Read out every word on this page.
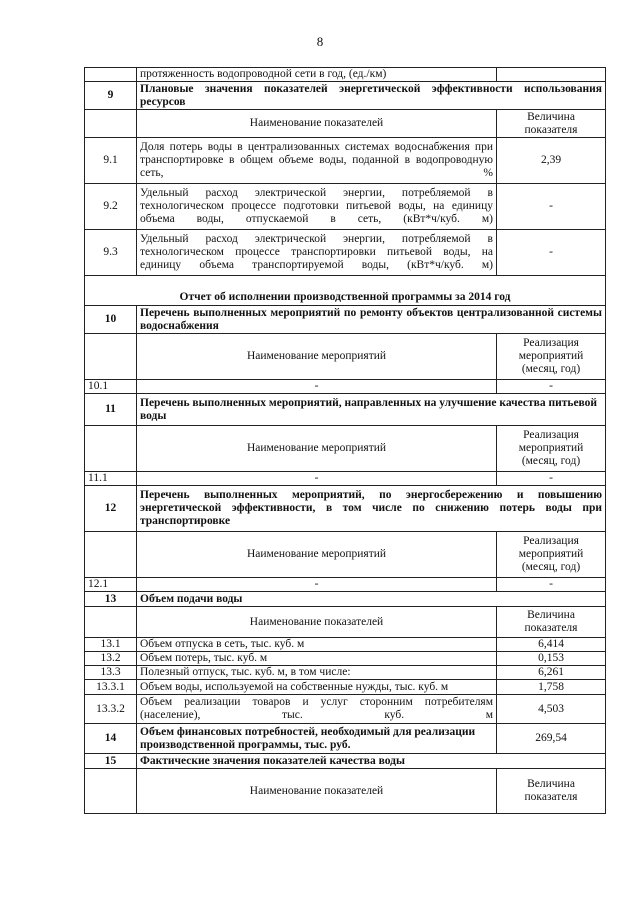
8
	протяженность водопроводной сети в год, (ед./км)	
9	Плановые значения показателей энергетической эффективности использования ресурсов	
	Наименование показателей	Величина показателя
9.1	Доля потерь воды в централизованных системах водоснабжения при транспортировке в общем объеме воды, поданной в водопроводную сеть, %	2,39
9.2	Удельный расход электрической энергии, потребляемой в технологическом процессе подготовки питьевой воды, на единицу объема воды, отпускаемой в сеть, (кВт*ч/куб. м)	-
9.3	Удельный расход электрической энергии, потребляемой в технологическом процессе транспортировки питьевой воды, на единицу объема транспортируемой воды, (кВт*ч/куб. м)	-
Отчет об исполнении производственной программы за 2014 год		
10	Перечень выполненных мероприятий по ремонту объектов централизованной системы водоснабжения	
	Наименование мероприятий	Реализация мероприятий (месяц, год)
10.1	-	-
11	Перечень выполненных мероприятий, направленных на улучшение качества питьевой воды	
	Наименование мероприятий	Реализация мероприятий (месяц, год)
11.1	-	-
12	Перечень выполненных мероприятий, по энергосбережению и повышению энергетической эффективности, в том числе по снижению потерь воды при транспортировке	
	Наименование мероприятий	Реализация мероприятий (месяц, год)
12.1	-	-
13	Объем подачи воды	
	Наименование показателей	Величина показателя
13.1	Объем отпуска в сеть, тыс. куб. м	6,414
13.2	Объем потерь, тыс. куб. м	0,153
13.3	Полезный отпуск, тыс. куб. м, в том числе:	6,261
13.3.1	Объем воды, используемой на собственные нужды, тыс. куб. м	1,758
13.3.2	Объем реализации товаров и услуг сторонним потребителям (население), тыс. куб. м	4,503
14	Объем финансовых потребностей, необходимый для реализации производственной программы, тыс. руб.	269,54
15	Фактические значения показателей качества воды	
	Наименование показателей	Величина показателя
